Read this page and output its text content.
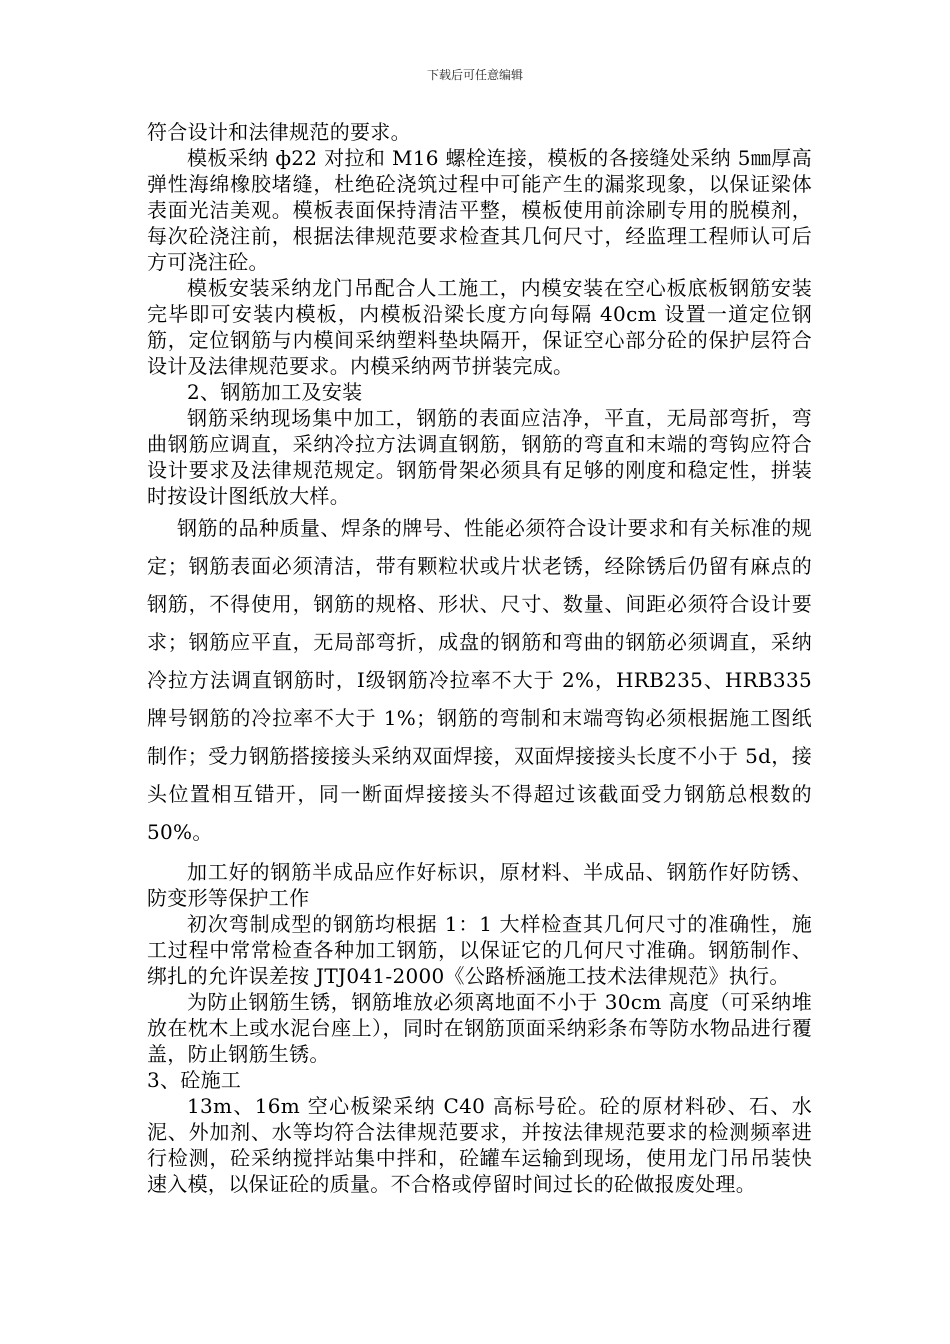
下载后可任意编辑

符合设计和法律规范的要求。

模板采纳 ф22 对拉和 M16 螺栓连接，模板的各接缝处采纳 5㎜厚高弹性海绵橡胶堵缝，杜绝砼浇筑过程中可能产生的漏浆现象，以保证梁体表面光洁美观。模板表面保持清洁平整，模板使用前涂刷专用的脱模剂，每次砼浇注前，根据法律规范要求检查其几何尺寸，经监理工程师认可后方可浇注砼。

模板安装采纳龙门吊配合人工施工，内模安装在空心板底板钢筋安装完毕即可安装内模板，内模板沿梁长度方向每隔 40cm 设置一道定位钢筋，定位钢筋与内模间采纳塑料垫块隔开，保证空心部分砼的保护层符合设计及法律规范要求。内模采纳两节拼装完成。

2、钢筋加工及安装

钢筋采纳现场集中加工，钢筋的表面应洁净，平直，无局部弯折，弯曲钢筋应调直，采纳冷拉方法调直钢筋，钢筋的弯直和末端的弯钩应符合设计要求及法律规范规定。钢筋骨架必须具有足够的刚度和稳定性，拼装时按设计图纸放大样。

钢筋的品种质量、焊条的牌号、性能必须符合设计要求和有关标准的规定；钢筋表面必须清洁，带有颗粒状或片状老锈，经除锈后仍留有麻点的钢筋，不得使用，钢筋的规格、形状、尺寸、数量、间距必须符合设计要求；钢筋应平直，无局部弯折，成盘的钢筋和弯曲的钢筋必须调直，采纳冷拉方法调直钢筋时，Ⅰ级钢筋冷拉率不大于 2%，HRB235、HRB335　 牌号钢筋的冷拉率不大于 1%；钢筋的弯制和末端弯钩必须根据施工图纸制作；受力钢筋搭接接头采纳双面焊接，双面焊接接头长度不小于 5d，接头位置相互错开，同一断面焊接接头不得超过该截面受力钢筋总根数的 50%。

加工好的钢筋半成品应作好标识，原材料、半成品、钢筋作好防锈、防变形等保护工作

初次弯制成型的钢筋均根据 1：1 大样检查其几何尺寸的准确性，施工过程中常常检查各种加工钢筋，以保证它的几何尺寸准确。钢筋制作、绑扎的允许误差按 JTJ041-2000《公路桥涵施工技术法律规范》执行。

为防止钢筋生锈，钢筋堆放必须离地面不小于 30cm 高度（可采纳堆放在枕木上或水泥台座上），同时在钢筋顶面采纳彩条布等防水物品进行覆盖，防止钢筋生锈。

3、砼施工

13m、16m 空心板梁采纳 C40 高标号砼。砼的原材料砂、石、水泥、外加剂、水等均符合法律规范要求，并按法律规范要求的检测频率进行检测，砼采纳搅拌站集中拌和，砼罐车运输到现场，使用龙门吊吊装快速入模，以保证砼的质量。不合格或停留时间过长的砼做报废处理。
